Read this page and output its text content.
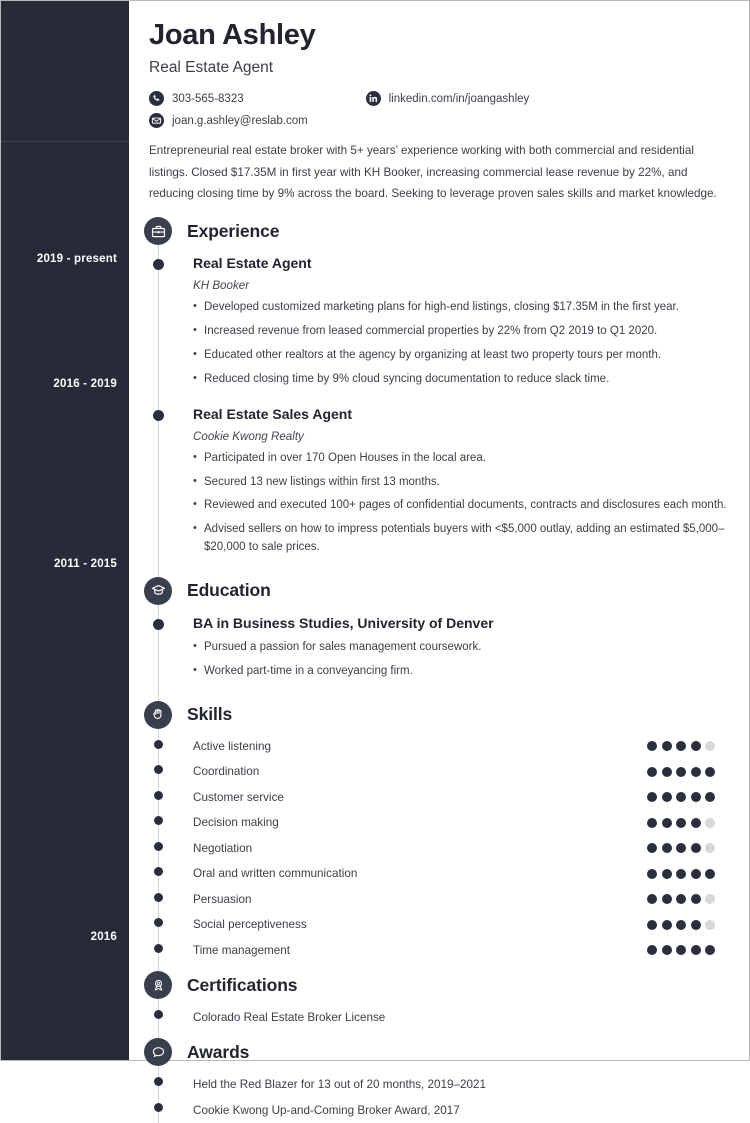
2019 - present
2016 - 2019
2011 - 2015
2016
Joan Ashley
Real Estate Agent
303-565-8323	linkedin.com/in/joangashley
joan.g.ashley@reslab.com

Entrepreneurial real estate broker with 5+ years’ experience working with both commercial and residential listings. Closed $17.35M in first year with KH Booker, increasing commercial lease revenue by 22%, and reducing closing time by 9% across the board. Seeking to leverage proven sales skills and market knowledge.

Experience
Real Estate Agent
KH Booker
• Developed customized marketing plans for high-end listings, closing $17.35M in the first year.
• Increased revenue from leased commercial properties by 22% from Q2 2019 to Q1 2020.
• Educated other realtors at the agency by organizing at least two property tours per month.
• Reduced closing time by 9% cloud syncing documentation to reduce slack time.
Real Estate Sales Agent
Cookie Kwong Realty
• Participated in over 170 Open Houses in the local area.
• Secured 13 new listings within first 13 months.
• Reviewed and executed 100+ pages of confidential documents, contracts and disclosures each month.
• Advised sellers on how to impress potentials buyers with <$5,000 outlay, adding an estimated $5,000–$20,000 to sale prices.
Education
BA in Business Studies, University of Denver
• Pursued a passion for sales management coursework.
• Worked part-time in a conveyancing firm.
Skills
Active listening
Coordination
Customer service
Decision making
Negotiation
Oral and written communication
Persuasion
Social perceptiveness
Time management
Certifications
Colorado Real Estate Broker License
Awards
Held the Red Blazer for 13 out of 20 months, 2019–2021
Cookie Kwong Up-and-Coming Broker Award, 2017
